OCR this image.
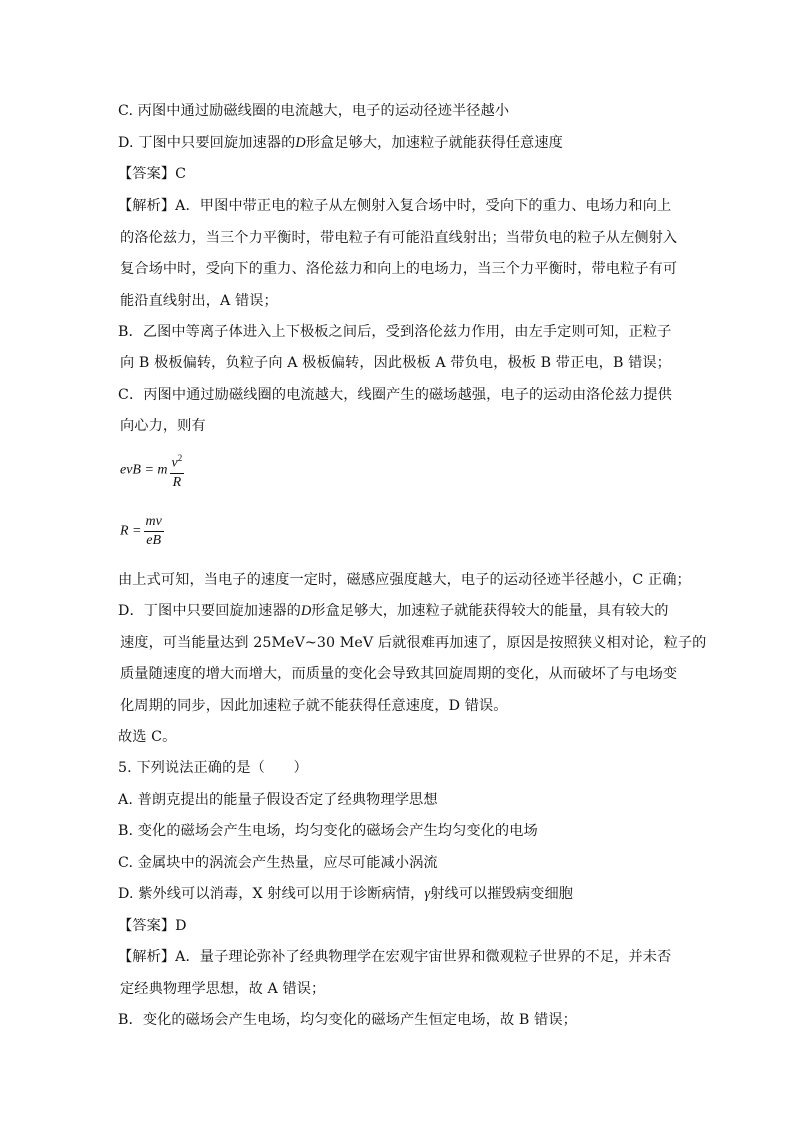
C. 丙图中通过励磁线圈的电流越大，电子的运动径迹半径越小
D. 丁图中只要回旋加速器的D形盒足够大，加速粒子就能获得任意速度
【答案】C
【解析】A．甲图中带正电的粒子从左侧射入复合场中时，受向下的重力、电场力和向上
的洛伦兹力，当三个力平衡时，带电粒子有可能沿直线射出；当带负电的粒子从左侧射入
复合场中时，受向下的重力、洛伦兹力和向上的电场力，当三个力平衡时，带电粒子有可
能沿直线射出，A 错误；
B．乙图中等离子体进入上下极板之间后，受到洛伦兹力作用，由左手定则可知，正粒子
向 B 极板偏转，负粒子向 A 极板偏转，因此极板 A 带负电，极板 B 带正电，B 错误；
C．丙图中通过励磁线圈的电流越大，线圈产生的磁场越强，电子的运动由洛伦兹力提供
向心力，则有
evB = m $\frac{v^2}{R}$
$R = \frac{mv}{eB}$
由上式可知，当电子的速度一定时，磁感应强度越大，电子的运动径迹半径越小，C 正确；
D．丁图中只要回旋加速器的D形盒足够大，加速粒子就能获得较大的能量，具有较大的
速度，可当能量达到 25MeV~30 MeV 后就很难再加速了，原因是按照狭义相对论，粒子的
质量随速度的增大而增大，而质量的变化会导致其回旋周期的变化，从而破坏了与电场变
化周期的同步，因此加速粒子就不能获得任意速度，D 错误。
故选 C。
5. 下列说法正确的是（　　）
A. 普朗克提出的能量子假设否定了经典物理学思想
B. 变化的磁场会产生电场，均匀变化的磁场会产生均匀变化的电场
C. 金属块中的涡流会产生热量，应尽可能减小涡流
D. 紫外线可以消毒，X 射线可以用于诊断病情，γ射线可以摧毁病变细胞
【答案】D
【解析】A．量子理论弥补了经典物理学在宏观宇宙世界和微观粒子世界的不足，并未否
定经典物理学思想，故 A 错误；
B．变化的磁场会产生电场，均匀变化的磁场产生恒定电场，故 B 错误；
